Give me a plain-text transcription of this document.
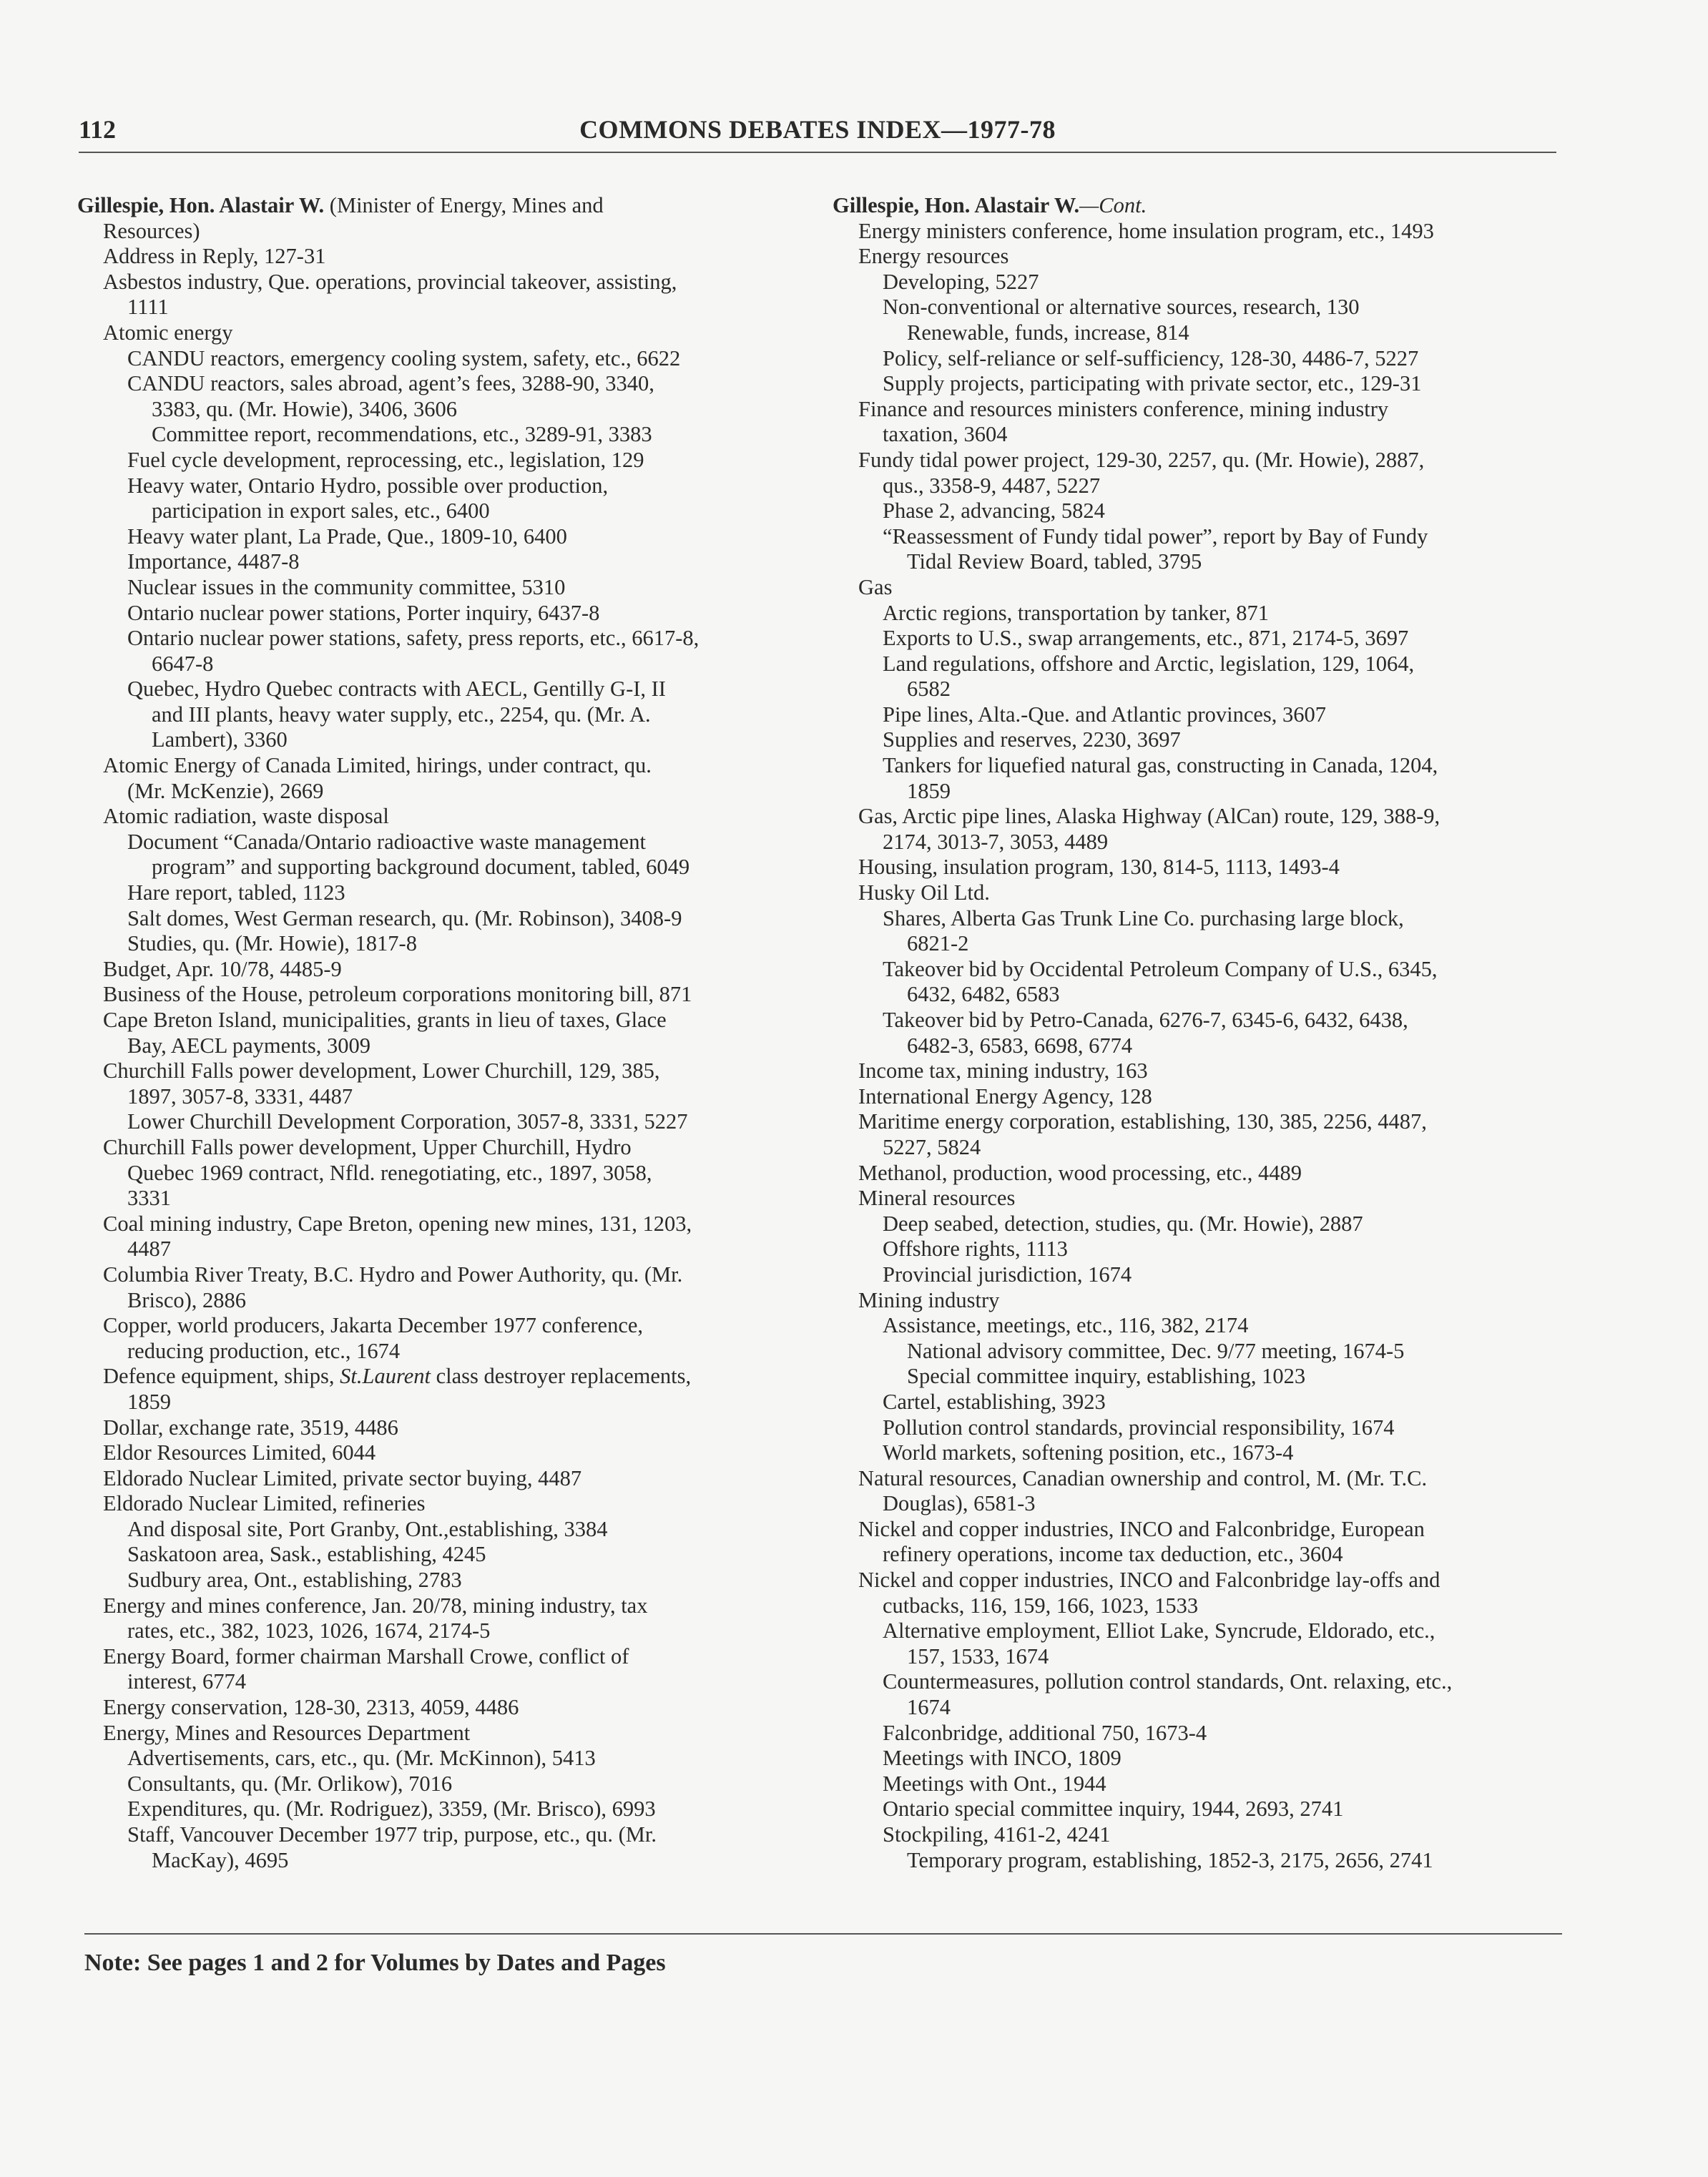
112	COMMONS DEBATES INDEX—1977-78
Gillespie, Hon. Alastair W. (Minister of Energy, Mines and
Resources)
Address in Reply, 127-31
Asbestos industry, Que. operations, provincial takeover, assisting,
1111
Atomic energy
CANDU reactors, emergency cooling system, safety, etc., 6622
CANDU reactors, sales abroad, agent’s fees, 3288-90, 3340,
3383, qu. (Mr. Howie), 3406, 3606
Committee report, recommendations, etc., 3289-91, 3383
Fuel cycle development, reprocessing, etc., legislation, 129
Heavy water, Ontario Hydro, possible over production,
participation in export sales, etc., 6400
Heavy water plant, La Prade, Que., 1809-10, 6400
Importance, 4487-8
Nuclear issues in the community committee, 5310
Ontario nuclear power stations, Porter inquiry, 6437-8
Ontario nuclear power stations, safety, press reports, etc., 6617-8,
6647-8
Quebec, Hydro Quebec contracts with AECL, Gentilly G-I, II
and III plants, heavy water supply, etc., 2254, qu. (Mr. A.
Lambert), 3360
Atomic Energy of Canada Limited, hirings, under contract, qu.
(Mr. McKenzie), 2669
Atomic radiation, waste disposal
Document “Canada/Ontario radioactive waste management
program” and supporting background document, tabled, 6049
Hare report, tabled, 1123
Salt domes, West German research, qu. (Mr. Robinson), 3408-9
Studies, qu. (Mr. Howie), 1817-8
Budget, Apr. 10/78, 4485-9
Business of the House, petroleum corporations monitoring bill, 871
Cape Breton Island, municipalities, grants in lieu of taxes, Glace
Bay, AECL payments, 3009
Churchill Falls power development, Lower Churchill, 129, 385,
1897, 3057-8, 3331, 4487
Lower Churchill Development Corporation, 3057-8, 3331, 5227
Churchill Falls power development, Upper Churchill, Hydro
Quebec 1969 contract, Nfld. renegotiating, etc., 1897, 3058,
3331
Coal mining industry, Cape Breton, opening new mines, 131, 1203,
4487
Columbia River Treaty, B.C. Hydro and Power Authority, qu. (Mr.
Brisco), 2886
Copper, world producers, Jakarta December 1977 conference,
reducing production, etc., 1674
Defence equipment, ships, St.Laurent class destroyer replacements,
1859
Dollar, exchange rate, 3519, 4486
Eldor Resources Limited, 6044
Eldorado Nuclear Limited, private sector buying, 4487
Eldorado Nuclear Limited, refineries
And disposal site, Port Granby, Ont.,establishing, 3384
Saskatoon area, Sask., establishing, 4245
Sudbury area, Ont., establishing, 2783
Energy and mines conference, Jan. 20/78, mining industry, tax
rates, etc., 382, 1023, 1026, 1674, 2174-5
Energy Board, former chairman Marshall Crowe, conflict of
interest, 6774
Energy conservation, 128-30, 2313, 4059, 4486
Energy, Mines and Resources Department
Advertisements, cars, etc., qu. (Mr. McKinnon), 5413
Consultants, qu. (Mr. Orlikow), 7016
Expenditures, qu. (Mr. Rodriguez), 3359, (Mr. Brisco), 6993
Staff, Vancouver December 1977 trip, purpose, etc., qu. (Mr.
MacKay), 4695
Gillespie, Hon. Alastair W.—Cont.
Energy ministers conference, home insulation program, etc., 1493
Energy resources
Developing, 5227
Non-conventional or alternative sources, research, 130
Renewable, funds, increase, 814
Policy, self-reliance or self-sufficiency, 128-30, 4486-7, 5227
Supply projects, participating with private sector, etc., 129-31
Finance and resources ministers conference, mining industry
taxation, 3604
Fundy tidal power project, 129-30, 2257, qu. (Mr. Howie), 2887,
qus., 3358-9, 4487, 5227
Phase 2, advancing, 5824
“Reassessment of Fundy tidal power”, report by Bay of Fundy
Tidal Review Board, tabled, 3795
Gas
Arctic regions, transportation by tanker, 871
Exports to U.S., swap arrangements, etc., 871, 2174-5, 3697
Land regulations, offshore and Arctic, legislation, 129, 1064,
6582
Pipe lines, Alta.-Que. and Atlantic provinces, 3607
Supplies and reserves, 2230, 3697
Tankers for liquefied natural gas, constructing in Canada, 1204,
1859
Gas, Arctic pipe lines, Alaska Highway (AlCan) route, 129, 388-9,
2174, 3013-7, 3053, 4489
Housing, insulation program, 130, 814-5, 1113, 1493-4
Husky Oil Ltd.
Shares, Alberta Gas Trunk Line Co. purchasing large block,
6821-2
Takeover bid by Occidental Petroleum Company of U.S., 6345,
6432, 6482, 6583
Takeover bid by Petro-Canada, 6276-7, 6345-6, 6432, 6438,
6482-3, 6583, 6698, 6774
Income tax, mining industry, 163
International Energy Agency, 128
Maritime energy corporation, establishing, 130, 385, 2256, 4487,
5227, 5824
Methanol, production, wood processing, etc., 4489
Mineral resources
Deep seabed, detection, studies, qu. (Mr. Howie), 2887
Offshore rights, 1113
Provincial jurisdiction, 1674
Mining industry
Assistance, meetings, etc., 116, 382, 2174
National advisory committee, Dec. 9/77 meeting, 1674-5
Special committee inquiry, establishing, 1023
Cartel, establishing, 3923
Pollution control standards, provincial responsibility, 1674
World markets, softening position, etc., 1673-4
Natural resources, Canadian ownership and control, M. (Mr. T.C.
Douglas), 6581-3
Nickel and copper industries, INCO and Falconbridge, European
refinery operations, income tax deduction, etc., 3604
Nickel and copper industries, INCO and Falconbridge lay-offs and
cutbacks, 116, 159, 166, 1023, 1533
Alternative employment, Elliot Lake, Syncrude, Eldorado, etc.,
157, 1533, 1674
Countermeasures, pollution control standards, Ont. relaxing, etc.,
1674
Falconbridge, additional 750, 1673-4
Meetings with INCO, 1809
Meetings with Ont., 1944
Ontario special committee inquiry, 1944, 2693, 2741
Stockpiling, 4161-2, 4241
Temporary program, establishing, 1852-3, 2175, 2656, 2741
Note: See pages 1 and 2 for Volumes by Dates and Pages
